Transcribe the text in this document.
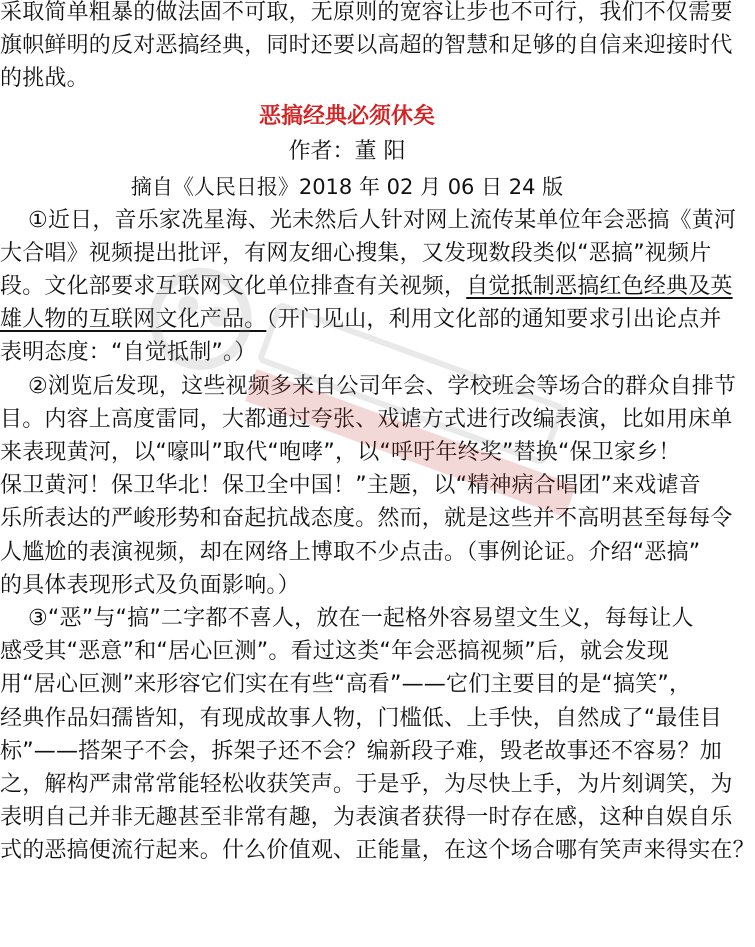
采取简单粗暴的做法固不可取，无原则的宽容让步也不可行，我们不仅需要
旗帜鲜明的反对恶搞经典，同时还要以高超的智慧和足够的自信来迎接时代
的挑战。
恶搞经典必须休矣
作者：董 阳
摘自《人民日报》2018 年 02 月 06 日 24 版
①近日，音乐家冼星海、光未然后人针对网上流传某单位年会恶搞《黄河
大合唱》视频提出批评，有网友细心搜集，又发现数段类似“恶搞”视频片
段。文化部要求互联网文化单位排查有关视频，自觉抵制恶搞红色经典及英
雄人物的互联网文化产品。（开门见山，利用文化部的通知要求引出论点并
表明态度：“自觉抵制”。）
②浏览后发现，这些视频多来自公司年会、学校班会等场合的群众自排节
目。内容上高度雷同，大都通过夸张、戏谑方式进行改编表演，比如用床单
来表现黄河，以“嚎叫”取代“咆哮”，以“呼吁年终奖”替换“保卫家乡！
保卫黄河！保卫华北！保卫全中国！”主题，以“精神病合唱团”来戏谑音
乐所表达的严峻形势和奋起抗战态度。然而，就是这些并不高明甚至每每令
人尴尬的表演视频，却在网络上博取不少点击。（事例论证。介绍“恶搞”
的具体表现形式及负面影响。）
③“恶”与“搞”二字都不喜人，放在一起格外容易望文生义，每每让人
感受其“恶意”和“居心叵测”。看过这类“年会恶搞视频”后，就会发现
用“居心叵测”来形容它们实在有些“高看”——它们主要目的是“搞笑”，
经典作品妇孺皆知，有现成故事人物，门槛低、上手快，自然成了“最佳目
标”——搭架子不会，拆架子还不会？编新段子难，毁老故事还不容易？加
之，解构严肃常常能轻松收获笑声。于是乎，为尽快上手，为片刻调笑，为
表明自己并非无趣甚至非常有趣，为表演者获得一时存在感，这种自娱自乐
式的恶搞便流行起来。什么价值观、正能量，在这个场合哪有笑声来得实在？
